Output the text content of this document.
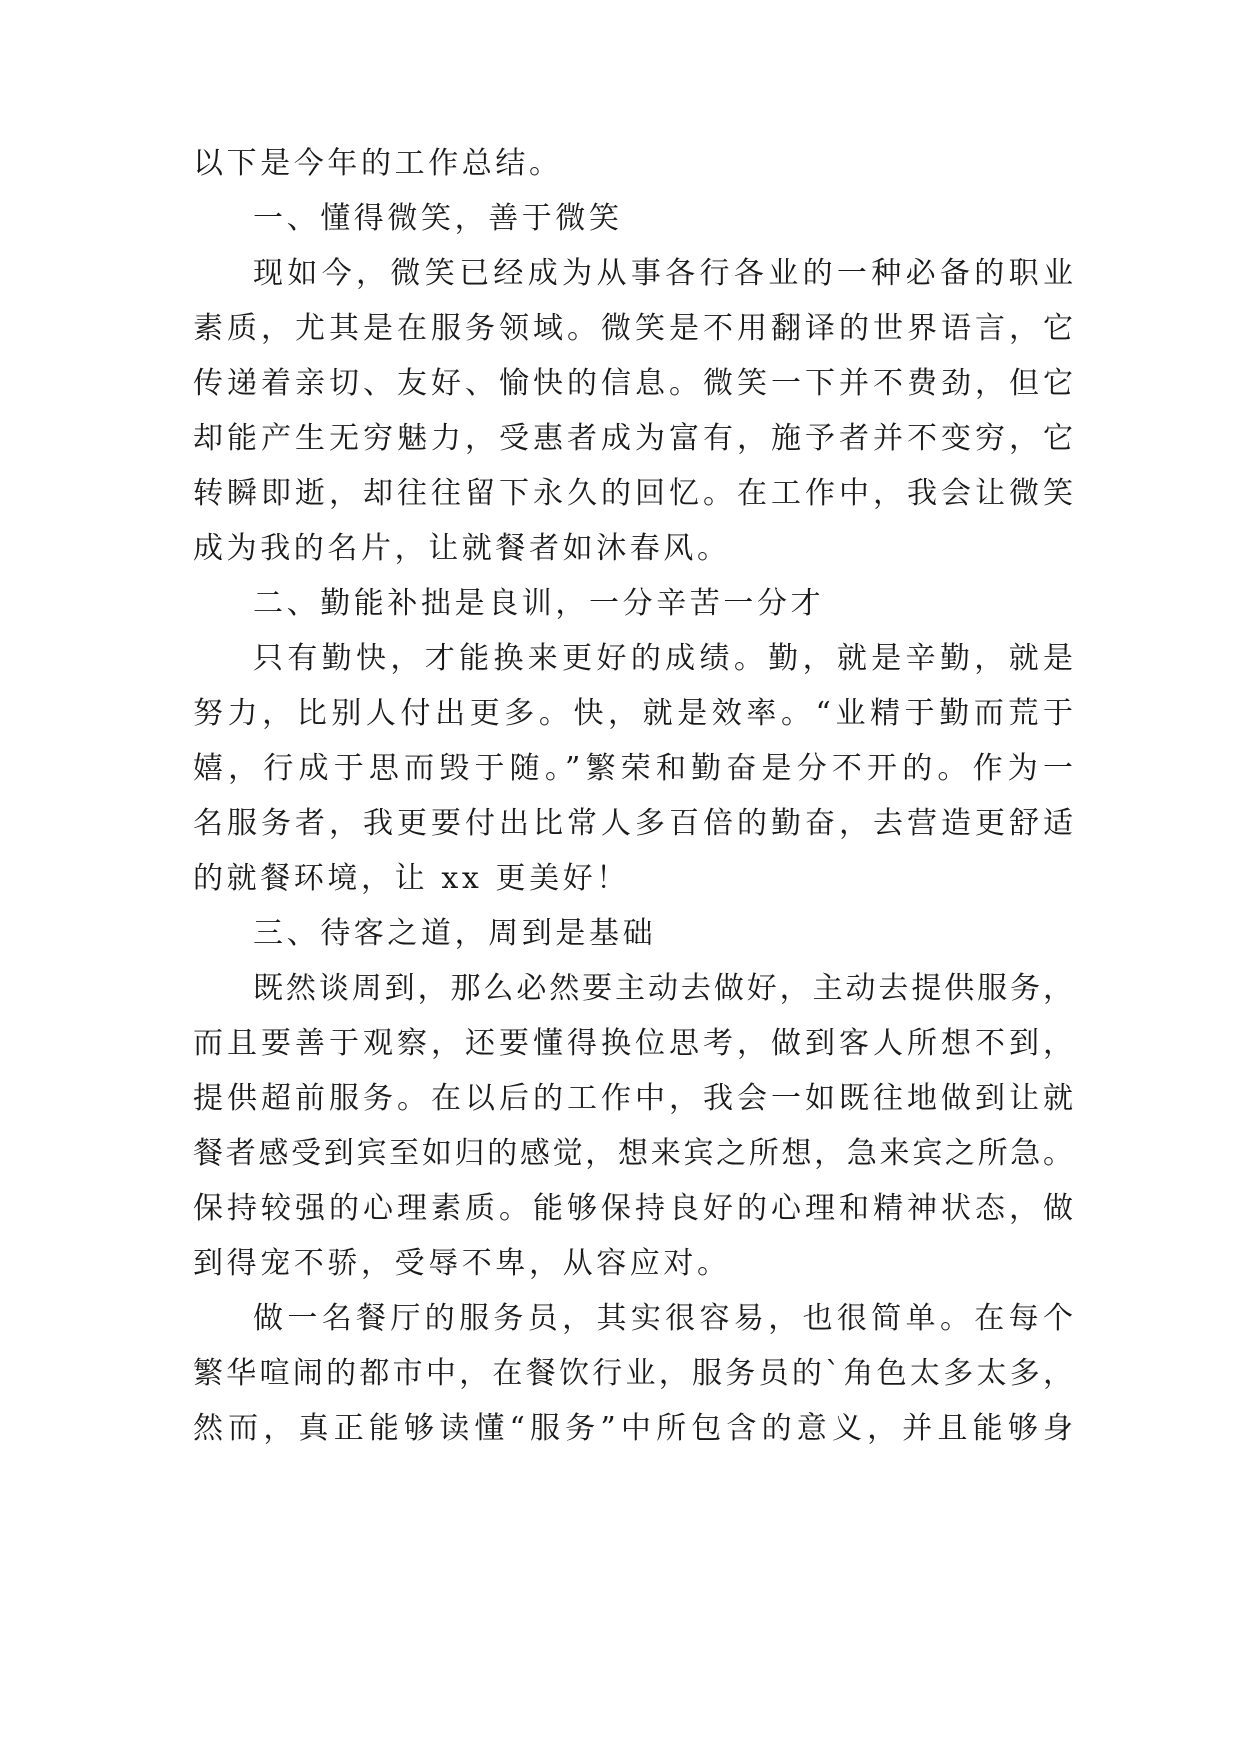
以下是今年的工作总结。

一、懂得微笑，善于微笑

现如今，微笑已经成为从事各行各业的一种必备的职业

素质，尤其是在服务领域。微笑是不用翻译的世界语言，它

传递着亲切、友好、愉快的信息。微笑一下并不费劲，但它

却能产生无穷魅力，受惠者成为富有，施予者并不变穷，它

转瞬即逝，却往往留下永久的回忆。在工作中，我会让微笑

成为我的名片，让就餐者如沐春风。

二、勤能补拙是良训，一分辛苦一分才

只有勤快，才能换来更好的成绩。勤，就是辛勤，就是

努力，比别人付出更多。快，就是效率。“业精于勤而荒于

嬉，行成于思而毁于随。”繁荣和勤奋是分不开的。作为一

名服务者，我更要付出比常人多百倍的勤奋，去营造更舒适

的就餐环境，让 xx 更美好！

三、待客之道，周到是基础

既然谈周到，那么必然要主动去做好，主动去提供服务，

而且要善于观察，还要懂得换位思考，做到客人所想不到，

提供超前服务。在以后的工作中，我会一如既往地做到让就

餐者感受到宾至如归的感觉，想来宾之所想，急来宾之所急。

保持较强的心理素质。能够保持良好的心理和精神状态，做

到得宠不骄，受辱不卑，从容应对。

做一名餐厅的服务员，其实很容易，也很简单。在每个

繁华喧闹的都市中，在餐饮行业，服务员的`角色太多太多，

然而，真正能够读懂“服务”中所包含的意义，并且能够身
